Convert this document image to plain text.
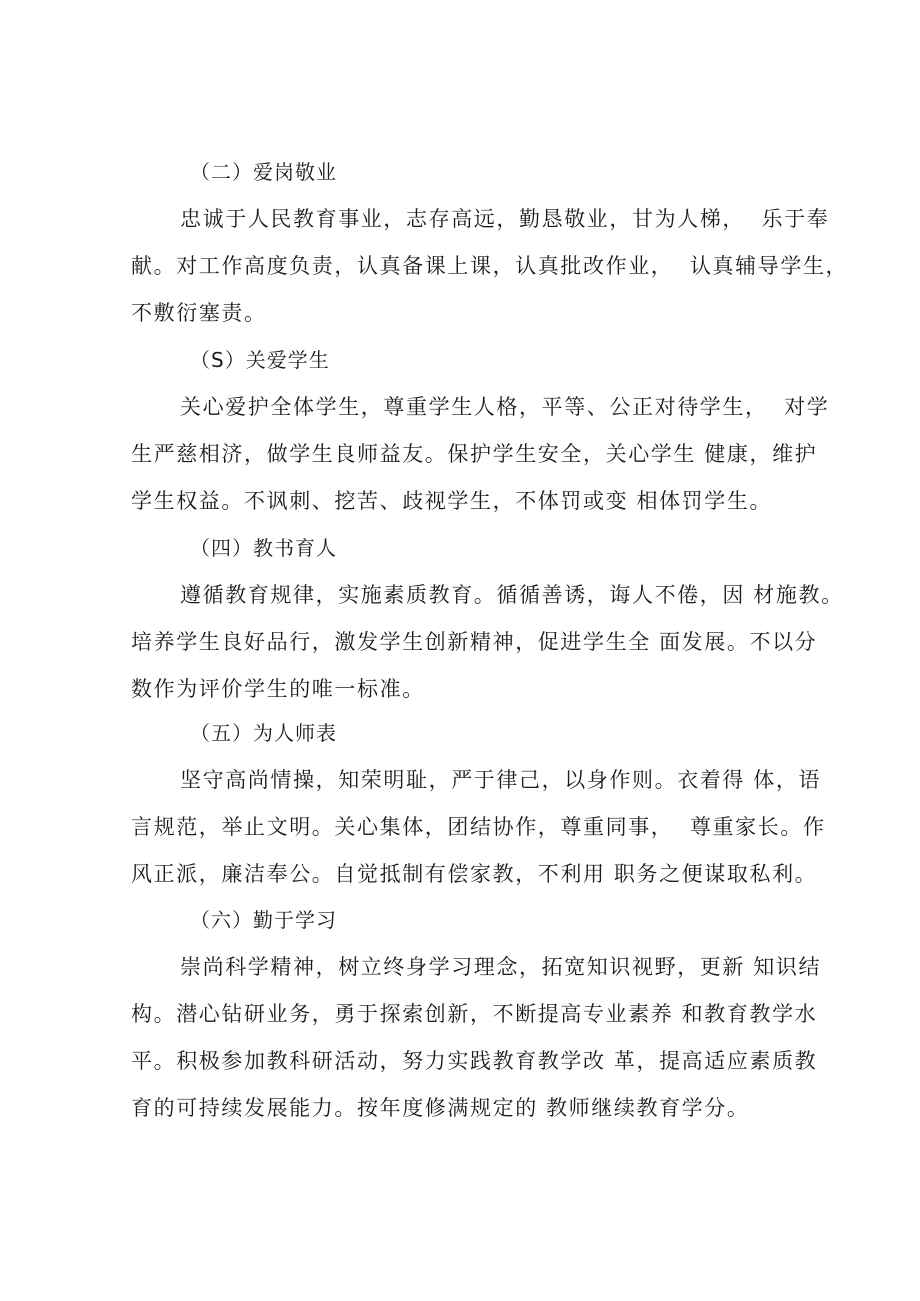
（二）爱岗敬业
忠诚于人民教育事业，志存高远，勤恳敬业，甘为人梯，  乐于奉
献。对工作高度负责，认真备课上课，认真批改作业，  认真辅导学生，
不敷衍塞责。
（S）关爱学生
关心爱护全体学生，尊重学生人格，平等、公正对待学生，  对学
生严慈相济，做学生良师益友。保护学生安全，关心学生 健康，维护
学生权益。不讽刺、挖苦、歧视学生，不体罚或变 相体罚学生。
（四）教书育人
遵循教育规律，实施素质教育。循循善诱，诲人不倦，因 材施教。
培养学生良好品行，激发学生创新精神，促进学生全 面发展。不以分
数作为评价学生的唯一标准。
（五）为人师表
坚守高尚情操，知荣明耻，严于律己，以身作则。衣着得 体，语
言规范，举止文明。关心集体，团结协作，尊重同事，  尊重家长。作
风正派，廉洁奉公。自觉抵制有偿家教，不利用 职务之便谋取私利。
（六）勤于学习
崇尚科学精神，树立终身学习理念，拓宽知识视野，更新 知识结
构。潜心钻研业务，勇于探索创新，不断提高专业素养 和教育教学水
平。积极参加教科研活动，努力实践教育教学改 革，提高适应素质教
育的可持续发展能力。按年度修满规定的 教师继续教育学分。
